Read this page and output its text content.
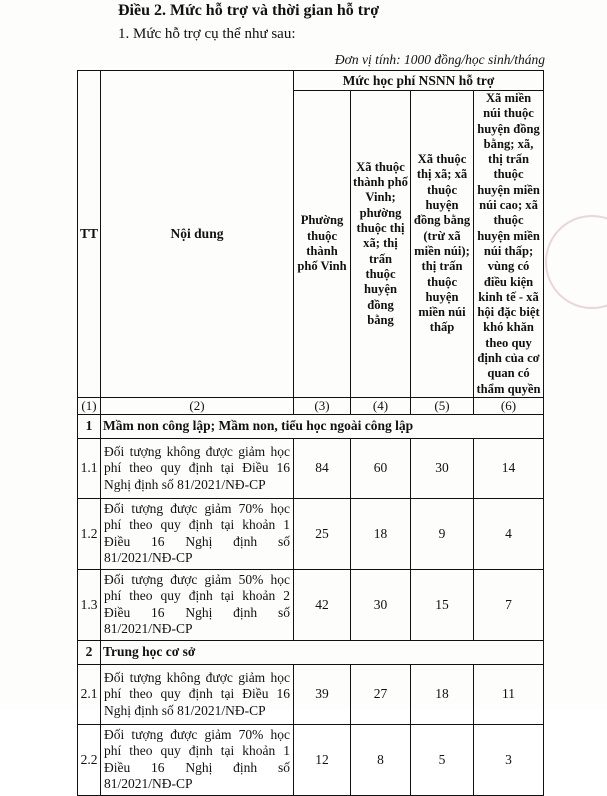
Điều 2. Mức hỗ trợ và thời gian hỗ trợ

1. Mức hỗ trợ cụ thể như sau:

Đơn vị tính: 1000 đồng/học sinh/tháng

TT	Nội dung	Mức học phí NSNN hỗ trợ			
		Phường thuộc thành phố Vinh	Xã thuộc thành phố Vinh; phường thuộc thị xã; thị trấn thuộc huyện đồng bằng	Xã thuộc thị xã; xã thuộc huyện đồng bằng (trừ xã miền núi); thị trấn thuộc huyện miền núi thấp	Xã miền núi thuộc huyện đồng bằng; xã, thị trấn thuộc huyện miền núi cao; xã thuộc huyện miền núi thấp; vùng có điều kiện kinh tế - xã hội đặc biệt khó khăn theo quy định của cơ quan có thẩm quyền
(1)	(2)	(3)	(4)	(5)	(6)
1	Mầm non công lập; Mầm non, tiểu học ngoài công lập				
1.1	Đối tượng không được giảm học phí theo quy định tại Điều 16 Nghị định số 81/2021/NĐ-CP	84	60	30	14
1.2	Đối tượng được giảm 70% học phí theo quy định tại khoản 1 Điều 16 Nghị định số 81/2021/NĐ-CP	25	18	9	4
1.3	Đối tượng được giảm 50% học phí theo quy định tại khoản 2 Điều 16 Nghị định số 81/2021/NĐ-CP	42	30	15	7
2	Trung học cơ sở				
2.1	Đối tượng không được giảm học phí theo quy định tại Điều 16 Nghị định số 81/2021/NĐ-CP	39	27	18	11
2.2	Đối tượng được giảm 70% học phí theo quy định tại khoản 1 Điều 16 Nghị định số 81/2021/NĐ-CP	12	8	5	3
